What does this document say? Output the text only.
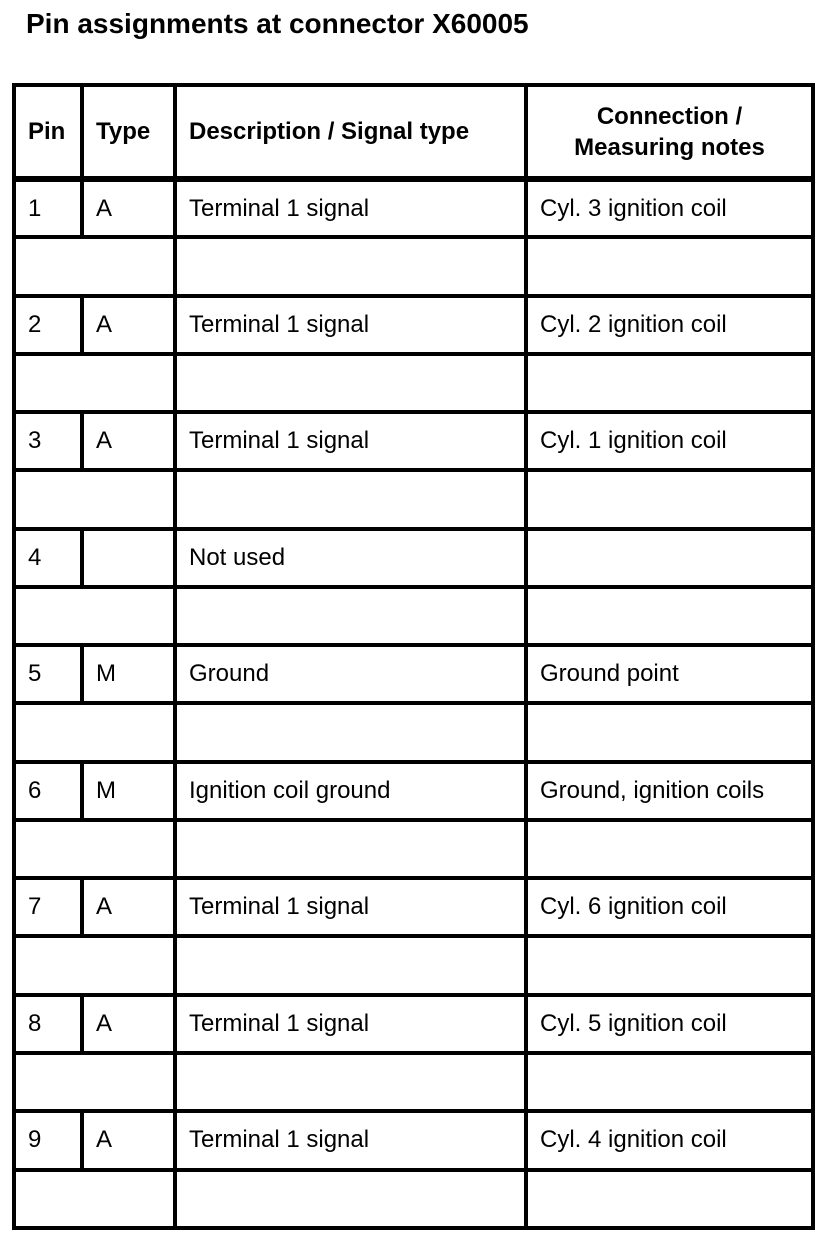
Pin assignments at connector X60005
Pin	Type	Description / Signal type	Connection /
Measuring notes

1	A	Terminal 1 signal	Cyl. 3 ignition coil

2	A	Terminal 1 signal	Cyl. 2 ignition coil

3	A	Terminal 1 signal	Cyl. 1 ignition coil

4		Not used	

5	M	Ground	Ground point

6	M	Ignition coil ground	Ground, ignition coils

7	A	Terminal 1 signal	Cyl. 6 ignition coil

8	A	Terminal 1 signal	Cyl. 5 ignition coil

9	A	Terminal 1 signal	Cyl. 4 ignition coil
